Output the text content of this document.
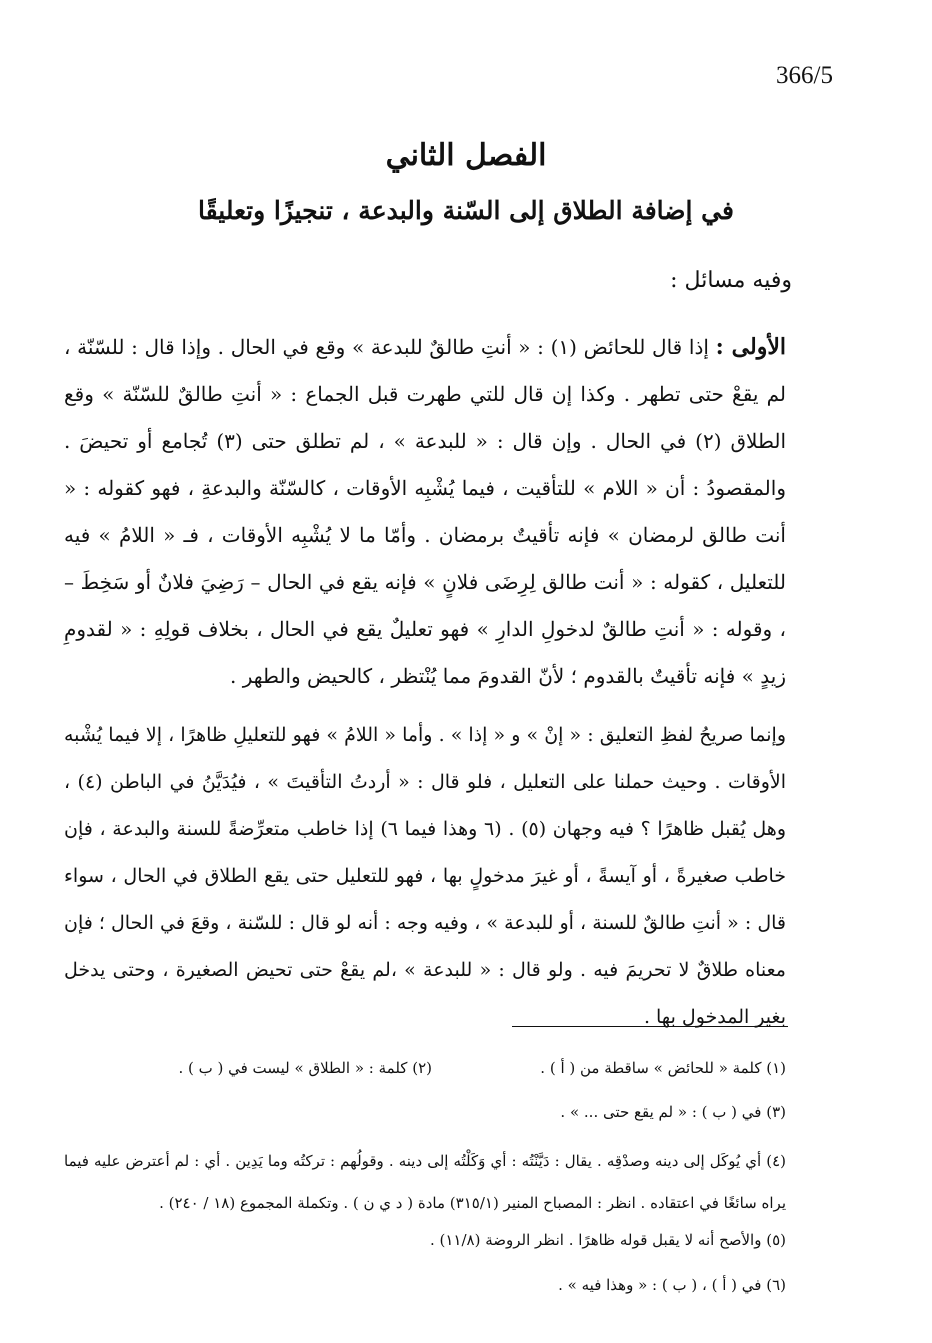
366/5
الفصل الثاني
في إضافة الطلاق إلى السّنة والبدعة ، تنجيزًا وتعليقًا
وفيه مسائل :
الأولى : إذا قال للحائض (١) : « أنتِ طالقٌ للبدعة » وقع في الحال . وإذا قال : للسّنّة ، لم يقعْ حتى تطهر . وكذا إن قال للتي طهرت قبل الجماع : « أنتِ طالقٌ للسّنّة » وقع الطلاق (٢) في الحال . وإن قال : « للبدعة » ، لم تطلق حتى (٣) تُجامع أو تحيضَ . والمقصودُ : أن « اللام » للتأقيت ، فيما يُشْبِه الأوقات ، كالسّنّة والبدعةِ ، فهو كقوله : « أنت طالق لرمضان » فإنه تأقيتٌ برمضان . وأمّا ما لا يُشْبِه الأوقات ، فـ « اللامُ » فيه للتعليل ، كقوله : « أنت طالق لِرِضَى فلانٍ » فإنه يقع في الحال – رَضِيَ فلانٌ أو سَخِطَ – ، وقوله : « أنتِ طالقٌ لدخولِ الدارِ » فهو تعليلٌ يقع في الحال ، بخلاف قولِهِ : « لقدومِ زيدٍ » فإنه تأقيتٌ بالقدوم ؛ لأنّ القدومَ مما يُنْتظر ، كالحيض والطهر .
وإنما صريحُ لفظِ التعليق : « إنْ » و « إذا » . وأما « اللامُ » فهو للتعليلِ ظاهرًا ، إلا فيما يُشْبه الأوقات . وحيث حملنا على التعليل ، فلو قال : « أردتُ التأقيتَ » ، فيُدَيَّنُ في الباطن (٤) ، وهل يُقبل ظاهرًا ؟ فيه وجهان (٥) . (٦ وهذا فيما ٦) إذا خاطب متعرِّضةً للسنة والبدعة ، فإن خاطب صغيرةً ، أو آيسةً ، أو غيرَ مدخولٍ بها ، فهو للتعليل حتى يقع الطلاق في الحال ، سواء قال : « أنتِ طالقٌ للسنة ، أو للبدعة » ، وفيه وجه : أنه لو قال : للسّنة ، وقعَ في الحال ؛ فإن معناه طلاقٌ لا تحريمَ فيه . ولو قال : « للبدعة » ،لم يقعْ حتى تحيض الصغيرة ، وحتى يدخل بغير المدخول بها .
(١) كلمة « للحائض » ساقطة من ( أ ) .
(٢) كلمة : « الطلاق » ليست في ( ب ) .
(٣) في ( ب ) : « لم يقع حتى ... » .
(٤) أي يُوكَل إلى دينه وصدْقِه . يقال : دَيَّنْتُه : أي وَكَلْتُه إلى دينه . وقولُهم : تركتُه وما يَدِين . أي : لم أعترض عليه فيما يراه سائغًا في اعتقاده . انظر : المصباح المنير (٣١٥/١) مادة ( د ي ن ) . وتكملة المجموع (١٨ / ٢٤٠) .
(٥) والأصح أنه لا يقبل قوله ظاهرًا . انظر الروضة (١١/٨) .
(٦) في ( أ ) ، ( ب ) : « وهذا فيه » .
